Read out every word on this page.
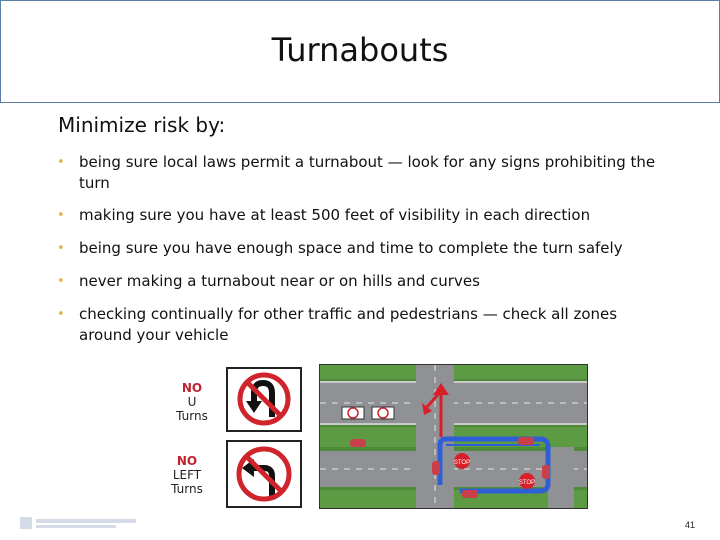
Turnabouts
Minimize risk by:
• being sure local laws permit a turnabout — look for any signs prohibiting the turn
• making sure you have at least 500 feet of visibility in each direction
• being sure you have enough space and time to complete the turn safely
• never making a turnabout near or on hills and curves
• checking continually for other traffic and pedestrians — check all zones around your vehicle
NO
U
Turns
NO
LEFT
Turns
STOP
STOP
41
